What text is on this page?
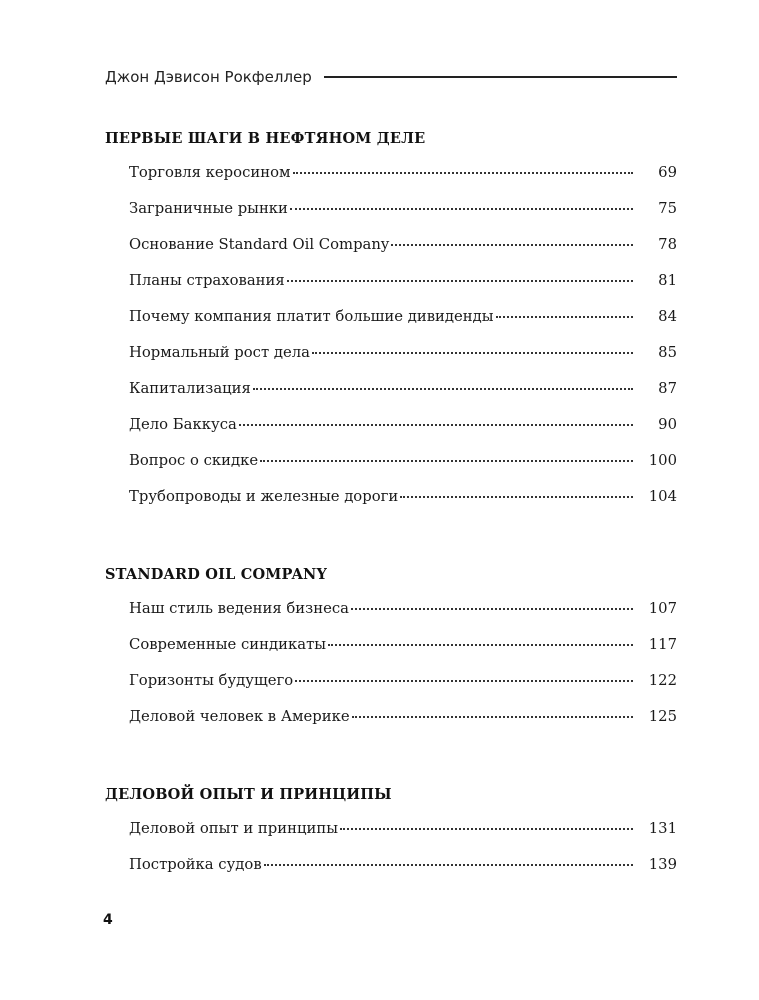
Джон Дэвисон Рокфеллер
ПЕРВЫЕ ШАГИ В НЕФТЯНОМ ДЕЛЕ
Торговля керосином	69
Заграничные рынки	75
Основание Standard Oil Company	78
Планы страхования	81
Почему компания платит большие дивиденды	84
Нормальный рост дела	85
Капитализация	87
Дело Баккуса	90
Вопрос о скидке	100
Трубопроводы и железные дороги	104
STANDARD OIL COMPANY
Наш стиль ведения бизнеса	107
Современные синдикаты	117
Горизонты будущего	122
Деловой человек в Америке	125
ДЕЛОВОЙ ОПЫТ И ПРИНЦИПЫ
Деловой опыт и принципы	131
Постройка судов	139
4
